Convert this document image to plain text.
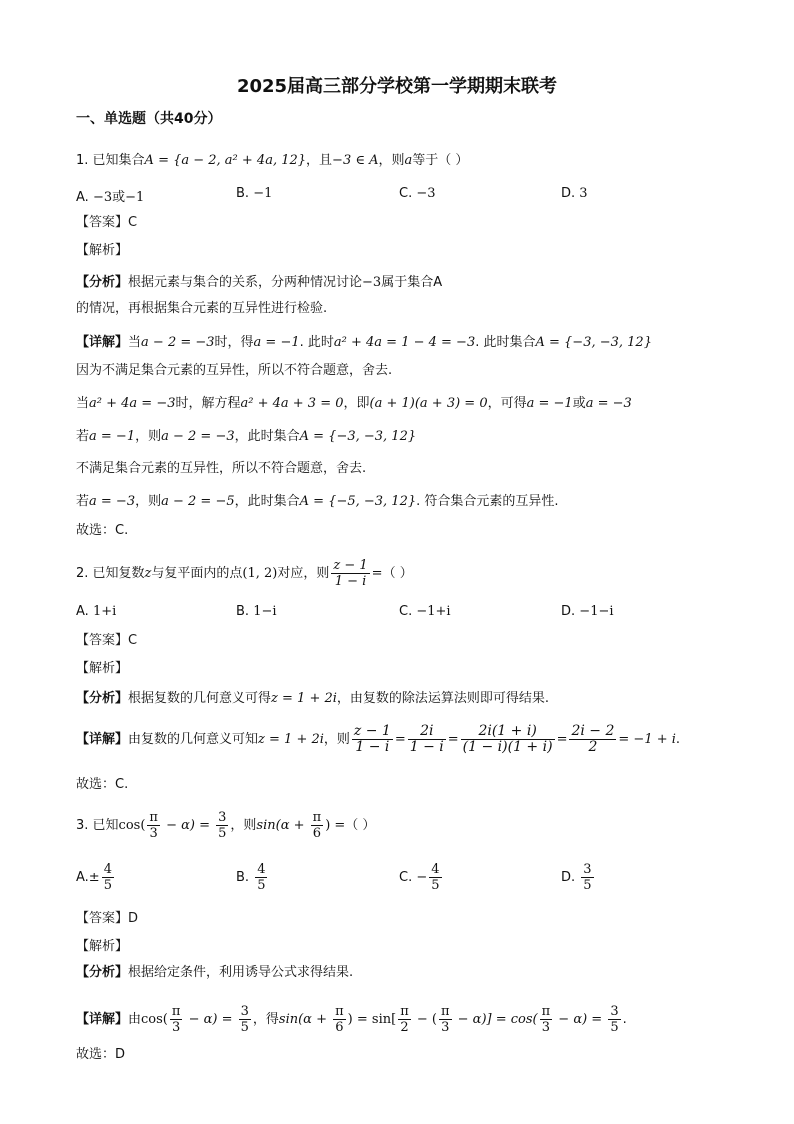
2025届高三部分学校第一学期期末联考
一、单选题（共40分）
1. 已知集合A = {a − 2, a² + 4a, 12}，且−3 ∈ A，则a等于（ ）
A. −3或−1	B. −1	C. −3	D. 3
【答案】C
【解析】
【分析】根据元素与集合的关系，分两种情况讨论−3属于集合A
的情况，再根据集合元素的互异性进行检验.
【详解】当a − 2 = −3时，得a = −1. 此时a² + 4a = 1 − 4 = −3. 此时集合A = {−3, −3, 12}
因为不满足集合元素的互异性，所以不符合题意，舍去.
当a² + 4a = −3时，解方程a² + 4a + 3 = 0，即(a + 1)(a + 3) = 0，可得a = −1或a = −3
若a = −1，则a − 2 = −3，此时集合A = {−3, −3, 12}
不满足集合元素的互异性，所以不符合题意，舍去.
若a = −3，则a − 2 = −5，此时集合A = {−5, −3, 12}. 符合集合元素的互异性.
故选：C.
2. 已知复数z与复平面内的点(1, 2)对应，则 $\frac{z - 1}{1 - i}$ =（ ）
A. 1+i	B. 1−i	C. −1+i	D. −1−i
【答案】C
【解析】
【分析】根据复数的几何意义可得z = 1 + 2i，由复数的除法运算法则即可得结果.
【详解】由复数的几何意义可知z = 1 + 2i，则 $\frac{z - 1}{1 - i} = \frac{2i}{1 - i} = \frac{2i(1 + i)}{(1 - i)(1 + i)} = \frac{2i - 2}{2} = -1 + i$.
故选：C.
3. 已知$\cos( \frac{\pi}{3} - \alpha) = \frac{3}{5}$ ，则$\sin(\alpha + \frac{\pi}{6}$ ) =（ ）
$A.\pm \frac{4}{5}$	B. $\frac{4}{5}$	C. − $\frac{4}{5}$	D. $\frac{3}{5}$
【答案】D
【解析】
【分析】根据给定条件，利用诱导公式求得结果.
【详解】由$\cos( \frac{\pi}{3} - \alpha) = \frac{3}{5}$ ，得$\sin(\alpha + \frac{\pi}{6}$ ) = $\sin[ \frac{\pi}{2}$ − ( $\frac{\pi}{3} - \alpha)] = \cos( \frac{\pi}{3} - \alpha) = \frac{3}{5}$ .
故选：D
